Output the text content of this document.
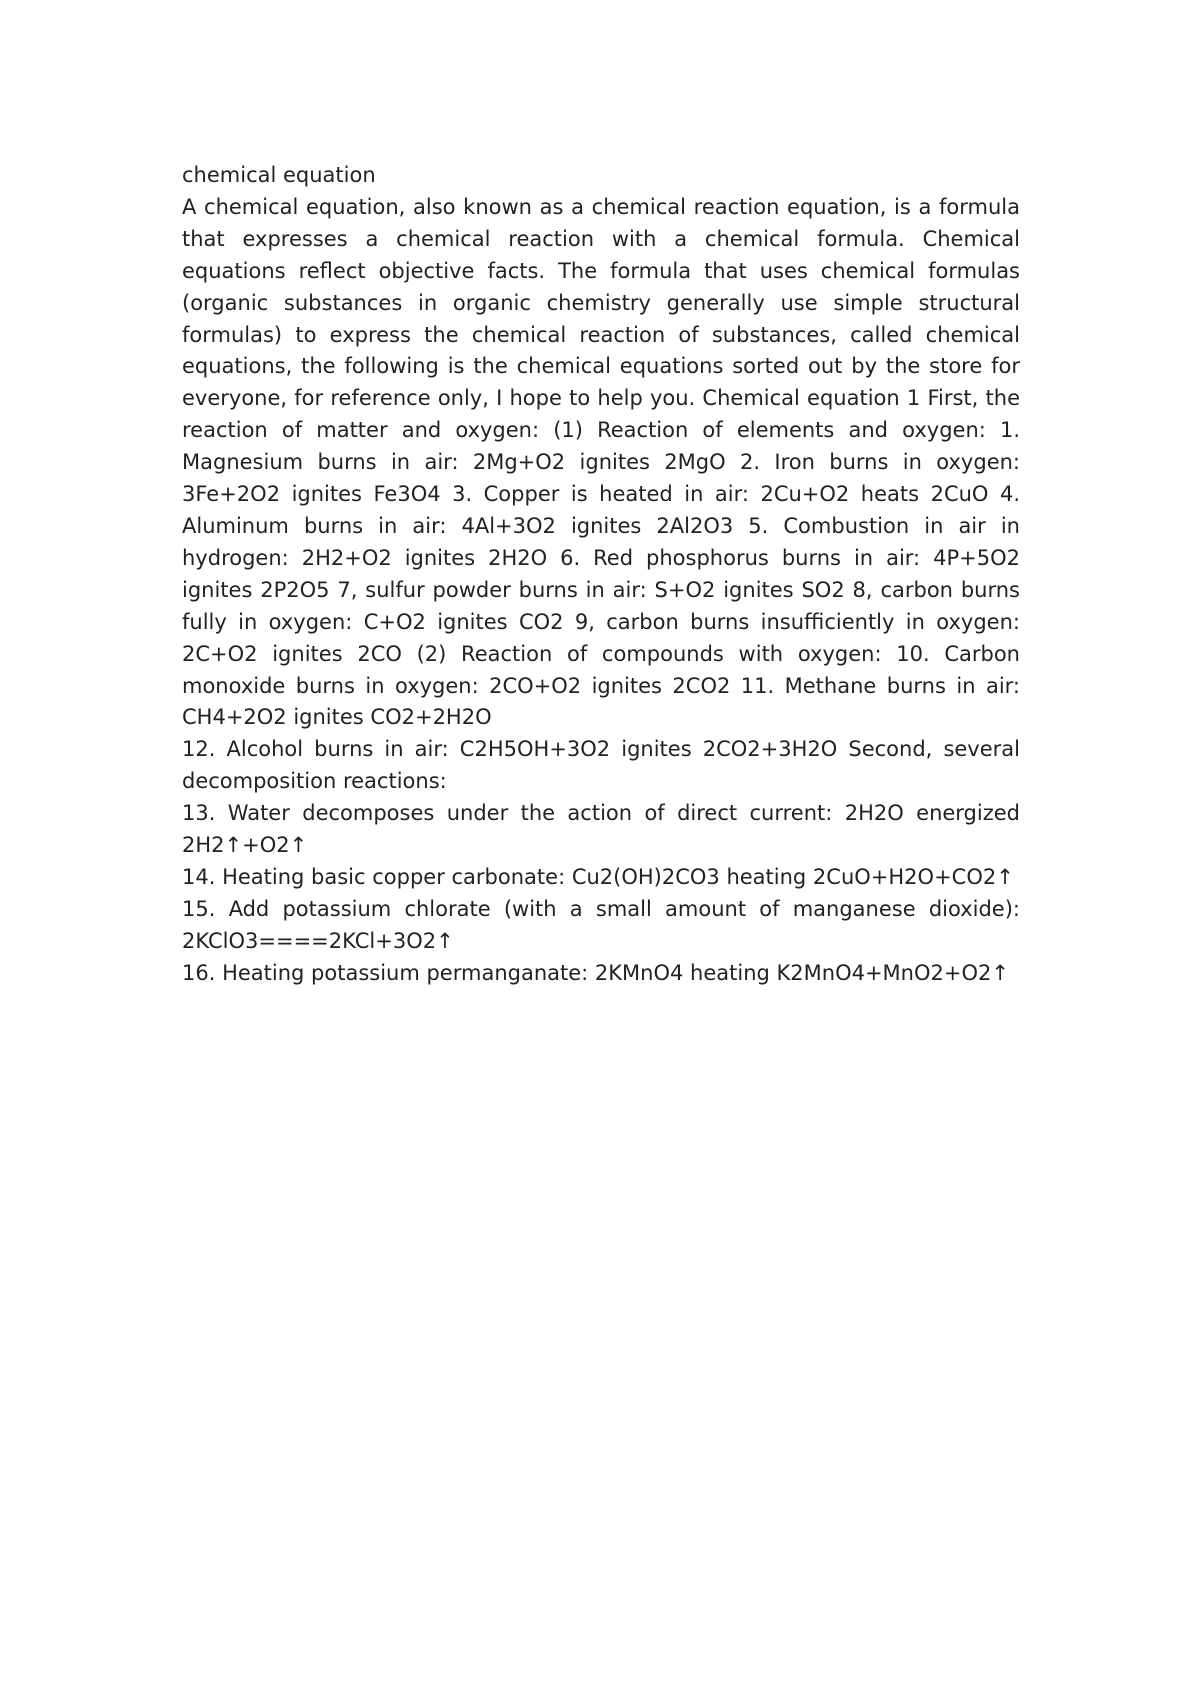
chemical equation

A chemical equation, also known as a chemical reaction equation, is a formula that expresses a chemical reaction with a chemical formula. Chemical equations reflect objective facts. The formula that uses chemical formulas (organic substances in organic chemistry generally use simple structural formulas) to express the chemical reaction of substances, called chemical equations, the following is the chemical equations sorted out by the store for everyone, for reference only, I hope to help you. Chemical equation 1 First, the reaction of matter and oxygen: (1) Reaction of elements and oxygen: 1. Magnesium burns in air: 2Mg+O2 ignites 2MgO 2. Iron burns in oxygen: 3Fe+2O2 ignites Fe3O4 3. Copper is heated in air: 2Cu+O2 heats 2CuO 4. Aluminum burns in air: 4Al+3O2 ignites 2Al2O3 5. Combustion in air in hydrogen: 2H2+O2 ignites 2H2O 6. Red phosphorus burns in air: 4P+5O2 ignites 2P2O5 7, sulfur powder burns in air: S+O2 ignites SO2 8, carbon burns fully in oxygen: C+O2 ignites CO2 9, carbon burns insufficiently in oxygen: 2C+O2 ignites 2CO (2) Reaction of compounds with oxygen: 10. Carbon monoxide burns in oxygen: 2CO+O2 ignites 2CO2 11. Methane burns in air: CH4+2O2 ignites CO2+2H2O

12. Alcohol burns in air: C2H5OH+3O2 ignites 2CO2+3H2O Second, several decomposition reactions:

13. Water decomposes under the action of direct current: 2H2O energized 2H2↑+O2↑

14. Heating basic copper carbonate: Cu2(OH)2CO3 heating 2CuO+H2O+CO2↑

15. Add potassium chlorate (with a small amount of manganese dioxide): 2KClO3====2KCl+3O2↑

16. Heating potassium permanganate: 2KMnO4 heating K2MnO4+MnO2+O2↑
